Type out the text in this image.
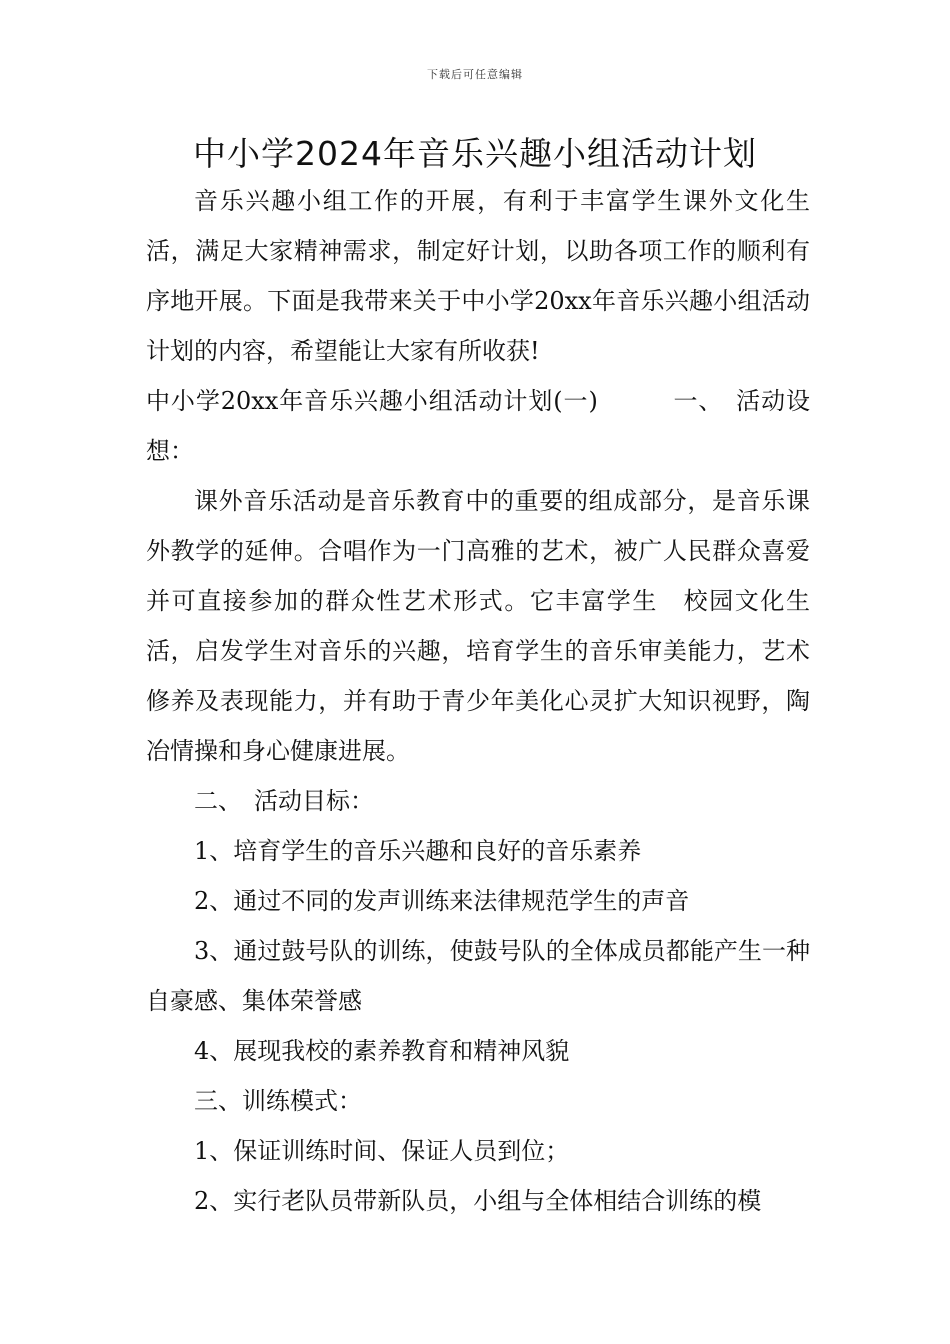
下载后可任意编辑
中小学2024年音乐兴趣小组活动计划

音乐兴趣小组工作的开展，有利于丰富学生课外文化生活，满足大家精神需求，制定好计划，以助各项工作的顺利有序地开展。下面是我带来关于中小学20xx年音乐兴趣小组活动计划的内容，希望能让大家有所收获!

中小学20xx年音乐兴趣小组活动计划(一)　　　一、　活动设想：

课外音乐活动是音乐教育中的重要的组成部分，是音乐课外教学的延伸。合唱作为一门高雅的艺术，被广人民群众喜爱并可直接参加的群众性艺术形式。它丰富学生　校园文化生活，启发学生对音乐的兴趣，培育学生的音乐审美能力，艺术修养及表现能力，并有助于青少年美化心灵扩大知识视野，陶冶情操和身心健康进展。

二、　活动目标：

1、培育学生的音乐兴趣和良好的音乐素养

2、通过不同的发声训练来法律规范学生的声音

3、通过鼓号队的训练，使鼓号队的全体成员都能产生一种自豪感、集体荣誉感

4、展现我校的素养教育和精神风貌

三、训练模式：

1、保证训练时间、保证人员到位；

2、实行老队员带新队员，小组与全体相结合训练的模
